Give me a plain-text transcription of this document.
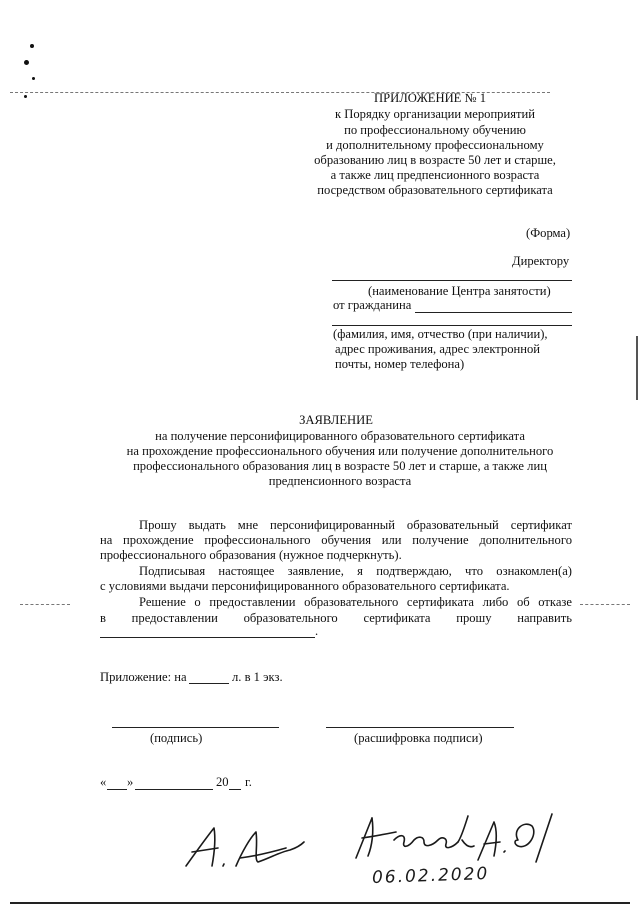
ПРИЛОЖЕНИЕ № 1
к Порядку организации мероприятий
по профессиональному обучению
и дополнительному профессиональному
образованию лиц в возрасте 50 лет и старше,
а также лиц предпенсионного возраста
посредством образовательного сертификата
(Форма)
Директору
(наименование Центра занятости)
от гражданина
(фамилия, имя, отчество (при наличии),
адрес проживания, адрес электронной
почты, номер телефона)
ЗАЯВЛЕНИЕ
на получение персонифицированного образовательного сертификата
на прохождение профессионального обучения или получение дополнительного
профессионального образования лиц в возрасте 50 лет и старше, а также лиц
предпенсионного возраста
Прошу выдать мне персонифицированный образовательный сертификат
на прохождение профессионального обучения или получение дополнительного
профессионального образования (нужное подчеркнуть).
Подписывая настоящее заявление, я подтверждаю, что ознакомлен(а)
с условиями выдачи персонифицированного образовательного сертификата.
Решение о предоставлении образовательного сертификата либо об отказе
в предоставлении образовательного сертификата прошу направить
.
Приложение: на	л. в 1 экз.
(подпись)	(расшифровка подписи)
« »	20 г.
06.02.2020
